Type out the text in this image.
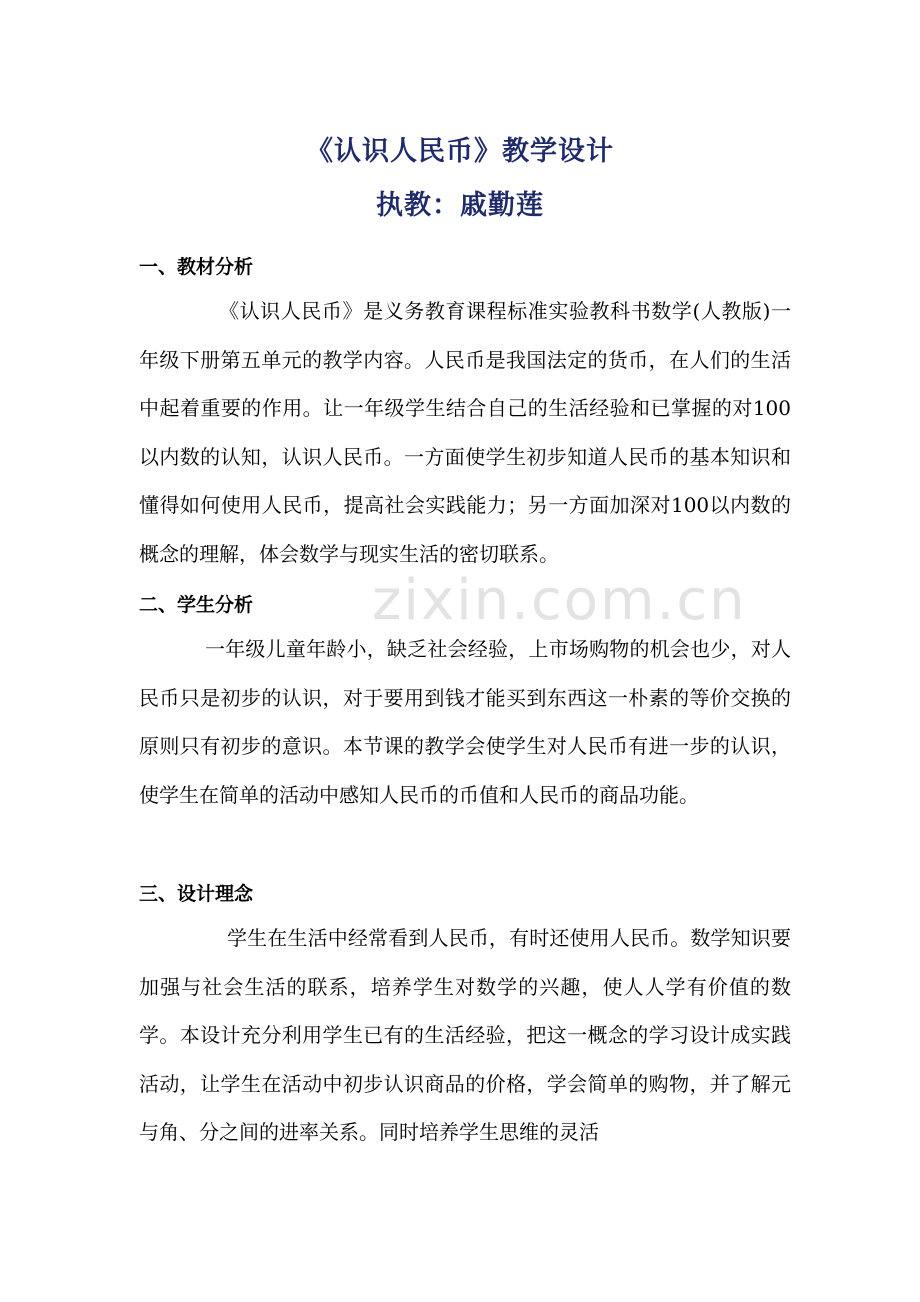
zixin.com.cn
《认识人民币》教学设计
执教：戚勤莲
一、教材分析

《认识人民币》是义务教育课程标准实验教科书数学(人教版)一年级下册第五单元的教学内容。人民币是我国法定的货币，在人们的生活中起着重要的作用。让一年级学生结合自己的生活经验和已掌握的对100以内数的认知，认识人民币。一方面使学生初步知道人民币的基本知识和懂得如何使用人民币，提高社会实践能力；另一方面加深对100以内数的概念的理解，体会数学与现实生活的密切联系。

二、学生分析

一年级儿童年龄小，缺乏社会经验，上市场购物的机会也少，对人民币只是初步的认识，对于要用到钱才能买到东西这一朴素的等价交换的原则只有初步的意识。本节课的教学会使学生对人民币有进一步的认识，使学生在简单的活动中感知人民币的币值和人民币的商品功能。

三、设计理念

学生在生活中经常看到人民币，有时还使用人民币。数学知识要加强与社会生活的联系，培养学生对数学的兴趣，使人人学有价值的数学。本设计充分利用学生已有的生活经验，把这一概念的学习设计成实践活动，让学生在活动中初步认识商品的价格，学会简单的购物，并了解元与角、分之间的进率关系。同时培养学生思维的灵活
